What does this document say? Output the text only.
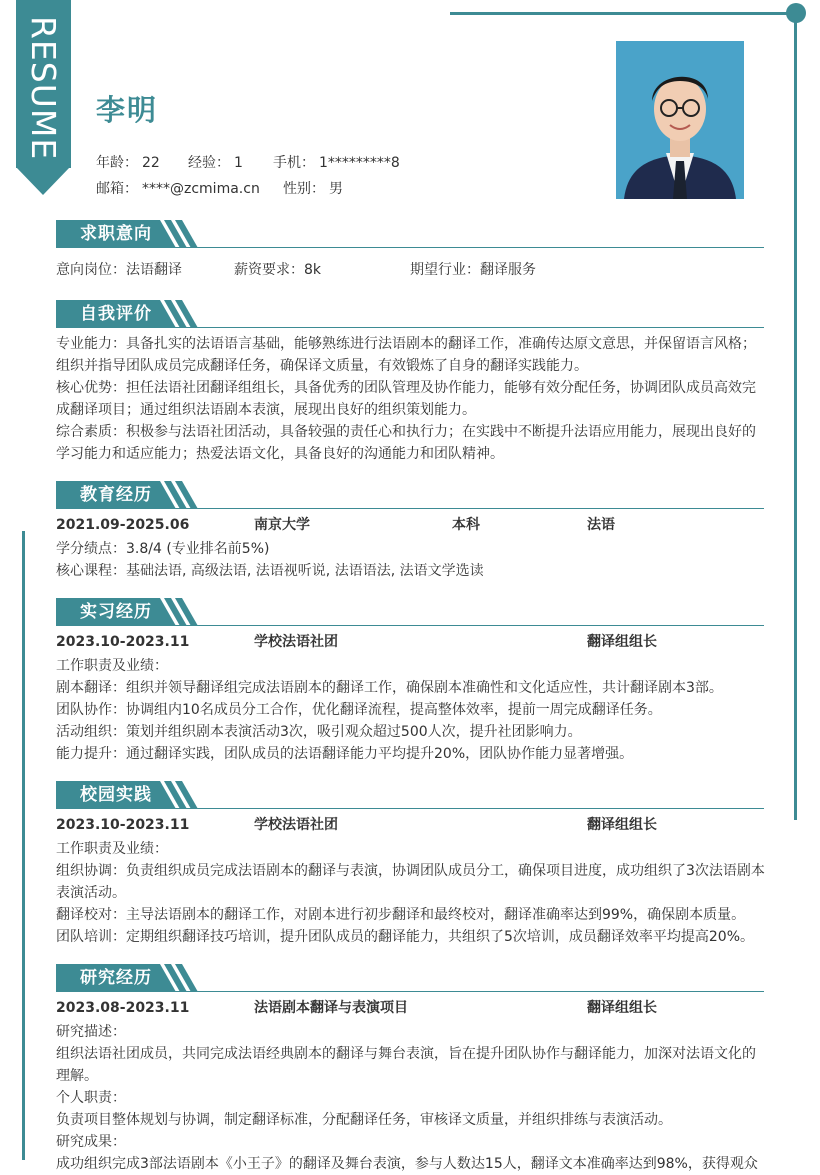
RESUME 李明
年龄： 22	经验： 1	手机： 1*********8
邮箱： ****@zcmima.cn	性别： 男
求职意向
意向岗位：法语翻译	薪资要求：8k	期望行业：翻译服务
自我评价
专业能力：具备扎实的法语语言基础，能够熟练进行法语剧本的翻译工作，准确传达原文意思，并保留语言风格；组织并指导团队成员完成翻译任务，确保译文质量，有效锻炼了自身的翻译实践能力。
核心优势：担任法语社团翻译组组长，具备优秀的团队管理及协作能力，能够有效分配任务，协调团队成员高效完成翻译项目；通过组织法语剧本表演，展现出良好的组织策划能力。
综合素质：积极参与法语社团活动，具备较强的责任心和执行力；在实践中不断提升法语应用能力，展现出良好的学习能力和适应能力；热爱法语文化，具备良好的沟通能力和团队精神。
教育经历
2021.09-2025.06	南京大学	本科	法语
学分绩点：3.8/4 (专业排名前5%)
核心课程：基础法语, 高级法语, 法语视听说, 法语语法, 法语文学选读
实习经历
2023.10-2023.11	学校法语社团	翻译组组长
工作职责及业绩：
剧本翻译：组织并领导翻译组完成法语剧本的翻译工作，确保剧本准确性和文化适应性，共计翻译剧本3部。
团队协作：协调组内10名成员分工合作，优化翻译流程，提高整体效率，提前一周完成翻译任务。
活动组织：策划并组织剧本表演活动3次，吸引观众超过500人次，提升社团影响力。
能力提升：通过翻译实践，团队成员的法语翻译能力平均提升20%，团队协作能力显著增强。
校园实践
2023.10-2023.11	学校法语社团	翻译组组长
工作职责及业绩：
组织协调：负责组织成员完成法语剧本的翻译与表演，协调团队成员分工，确保项目进度，成功组织了3次法语剧本表演活动。
翻译校对：主导法语剧本的翻译工作，对剧本进行初步翻译和最终校对，翻译准确率达到99%，确保剧本质量。
团队培训：定期组织翻译技巧培训，提升团队成员的翻译能力，共组织了5次培训，成员翻译效率平均提高20%。
研究经历
2023.08-2023.11	法语剧本翻译与表演项目	翻译组组长
研究描述：
组织法语社团成员，共同完成法语经典剧本的翻译与舞台表演，旨在提升团队协作与翻译能力，加深对法语文化的理解。
个人职责：
负责项目整体规划与协调，制定翻译标准，分配翻译任务，审核译文质量，并组织排练与表演活动。
研究成果：
成功组织完成3部法语剧本《小王子》的翻译及舞台表演，参与人数达15人，翻译文本准确率达到98%，获得观众
